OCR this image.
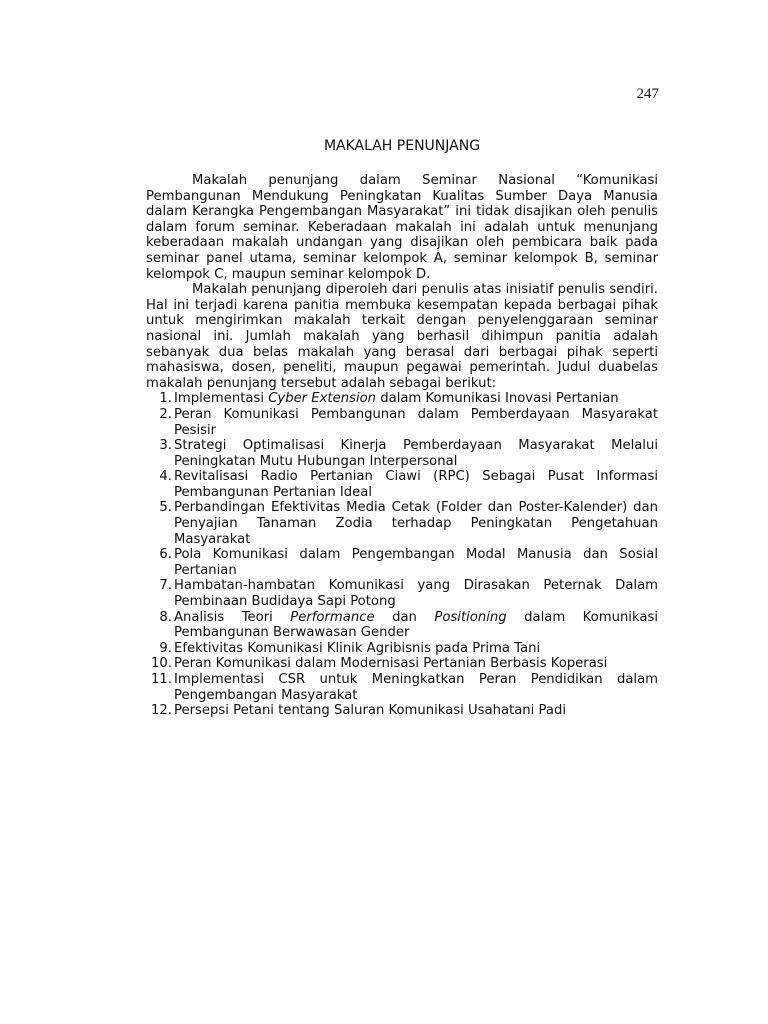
247
MAKALAH PENUNJANG

Makalah penunjang dalam Seminar Nasional “Komunikasi Pembangunan Mendukung Peningkatan Kualitas Sumber Daya Manusia dalam Kerangka Pengembangan Masyarakat” ini tidak disajikan oleh penulis dalam forum seminar. Keberadaan makalah ini adalah untuk menunjang keberadaan makalah undangan yang disajikan oleh pembicara baik pada seminar panel utama, seminar kelompok A, seminar kelompok B, seminar kelompok C, maupun seminar kelompok D.

Makalah penunjang diperoleh dari penulis atas inisiatif penulis sendiri. Hal ini terjadi karena panitia membuka kesempatan kepada berbagai pihak untuk mengirimkan makalah terkait dengan penyelenggaraan seminar nasional ini. Jumlah makalah yang berhasil dihimpun panitia adalah sebanyak dua belas makalah yang berasal dari berbagai pihak seperti mahasiswa, dosen, peneliti, maupun pegawai pemerintah. Judul duabelas makalah penunjang tersebut adalah sebagai berikut:

1. Implementasi Cyber Extension dalam Komunikasi Inovasi Pertanian
2. Peran Komunikasi Pembangunan dalam Pemberdayaan Masyarakat Pesisir
3. Strategi Optimalisasi Kinerja Pemberdayaan Masyarakat Melalui Peningkatan Mutu Hubungan Interpersonal
4. Revitalisasi Radio Pertanian Ciawi (RPC) Sebagai Pusat Informasi Pembangunan Pertanian Ideal
5. Perbandingan Efektivitas Media Cetak (Folder dan Poster-Kalender) dan Penyajian Tanaman Zodia terhadap Peningkatan Pengetahuan Masyarakat
6. Pola Komunikasi dalam Pengembangan Modal Manusia dan Sosial Pertanian
7. Hambatan-hambatan Komunikasi yang Dirasakan Peternak Dalam Pembinaan Budidaya Sapi Potong
8. Analisis Teori Performance dan Positioning dalam Komunikasi Pembangunan Berwawasan Gender
9. Efektivitas Komunikasi Klinik Agribisnis pada Prima Tani
10. Peran Komunikasi dalam Modernisasi Pertanian Berbasis Koperasi
11. Implementasi CSR untuk Meningkatkan Peran Pendidikan dalam Pengembangan Masyarakat
12. Persepsi Petani tentang Saluran Komunikasi Usahatani Padi
